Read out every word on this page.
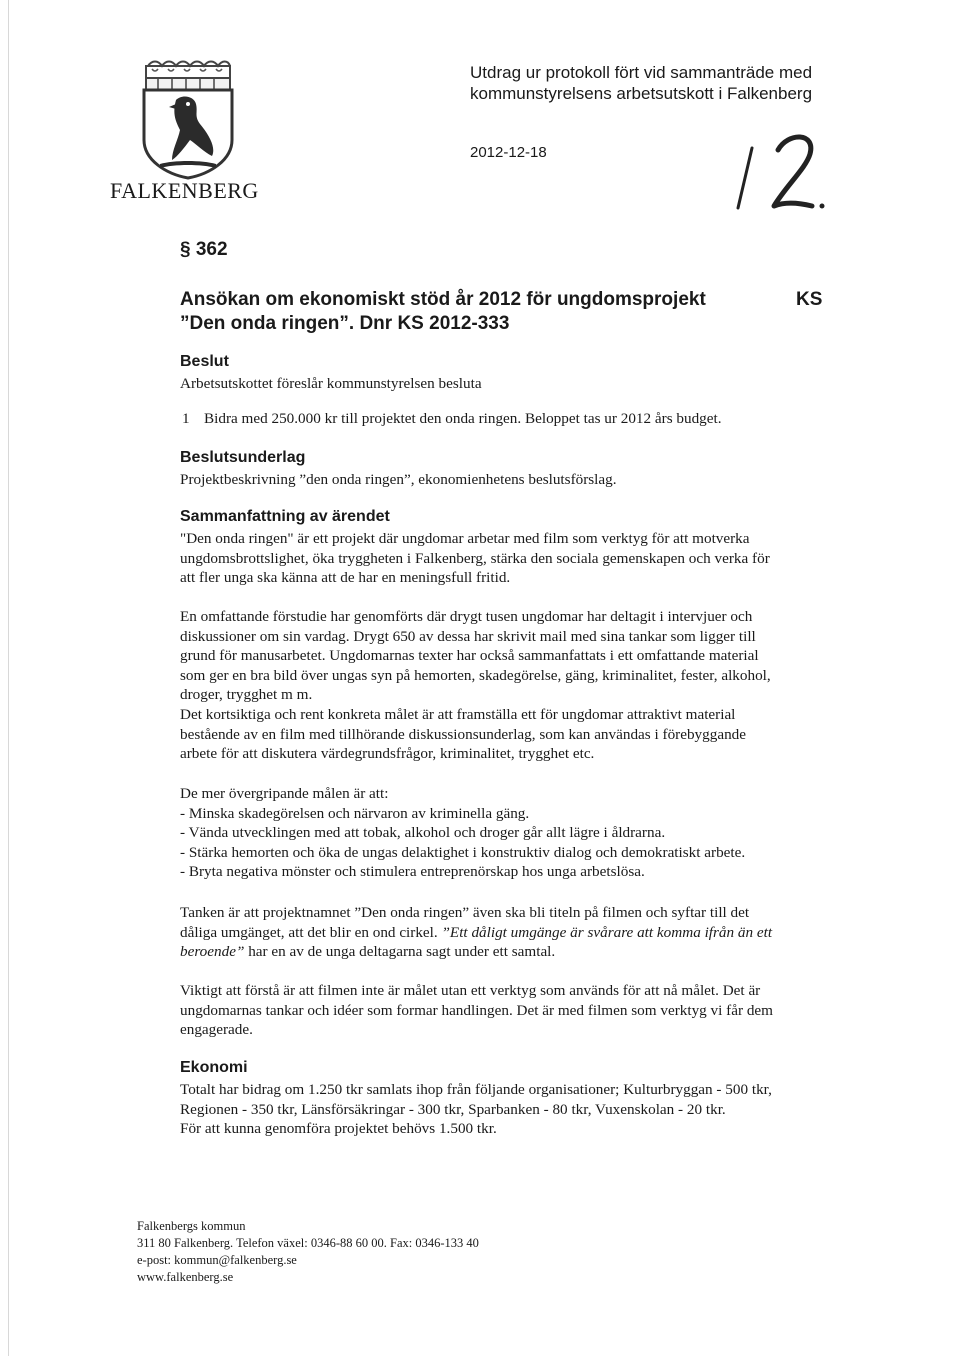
FALKENBERG
Utdrag ur protokoll fört vid sammanträde med
kommunstyrelsens arbetsutskott i Falkenberg
2012-12-18
§ 362
Ansökan om ekonomiskt stöd år 2012 för ungdomsprojekt
”Den onda ringen”. Dnr KS 2012-333
KS
Beslut
Arbetsutskottet föreslår kommunstyrelsen besluta
1 Bidra med 250.000 kr till projektet den onda ringen. Beloppet tas ur 2012 års budget.
Beslutsunderlag
Projektbeskrivning ”den onda ringen”, ekonomienhetens beslutsförslag.
Sammanfattning av ärendet
"Den onda ringen" är ett projekt där ungdomar arbetar med film som verktyg för att motverka
ungdomsbrottslighet, öka tryggheten i Falkenberg, stärka den sociala gemenskapen och verka för
att fler unga ska känna att de har en meningsfull fritid.
En omfattande förstudie har genomförts där drygt tusen ungdomar har deltagit i intervjuer och
diskussioner om sin vardag. Drygt 650 av dessa har skrivit mail med sina tankar som ligger till
grund för manusarbetet. Ungdomarnas texter har också sammanfattats i ett omfattande material
som ger en bra bild över ungas syn på hemorten, skadegörelse, gäng, kriminalitet, fester, alkohol,
droger, trygghet m m.
Det kortsiktiga och rent konkreta målet är att framställa ett för ungdomar attraktivt material
bestående av en film med tillhörande diskussionsunderlag, som kan användas i förebyggande
arbete för att diskutera värdegrundsfrågor, kriminalitet, trygghet etc.
De mer övergripande målen är att:
- Minska skadegörelsen och närvaron av kriminella gäng.
- Vända utvecklingen med att tobak, alkohol och droger går allt lägre i åldrarna.
- Stärka hemorten och öka de ungas delaktighet i konstruktiv dialog och demokratiskt arbete.
- Bryta negativa mönster och stimulera entreprenörskap hos unga arbetslösa.
Tanken är att projektnamnet ”Den onda ringen” även ska bli titeln på filmen och syftar till det
dåliga umgänget, att det blir en ond cirkel. ”Ett dåligt umgänge är svårare att komma ifrån än ett
beroende” har en av de unga deltagarna sagt under ett samtal.
Viktigt att förstå är att filmen inte är målet utan ett verktyg som används för att nå målet. Det är
ungdomarnas tankar och idéer som formar handlingen. Det är med filmen som verktyg vi får dem
engagerade.
Ekonomi
Totalt har bidrag om 1.250 tkr samlats ihop från följande organisationer; Kulturbryggan - 500 tkr,
Regionen - 350 tkr, Länsförsäkringar - 300 tkr, Sparbanken - 80 tkr, Vuxenskolan - 20 tkr.
För att kunna genomföra projektet behövs 1.500 tkr.
Falkenbergs kommun
311 80 Falkenberg. Telefon växel: 0346-88 60 00. Fax: 0346-133 40
e-post: kommun@falkenberg.se
www.falkenberg.se
